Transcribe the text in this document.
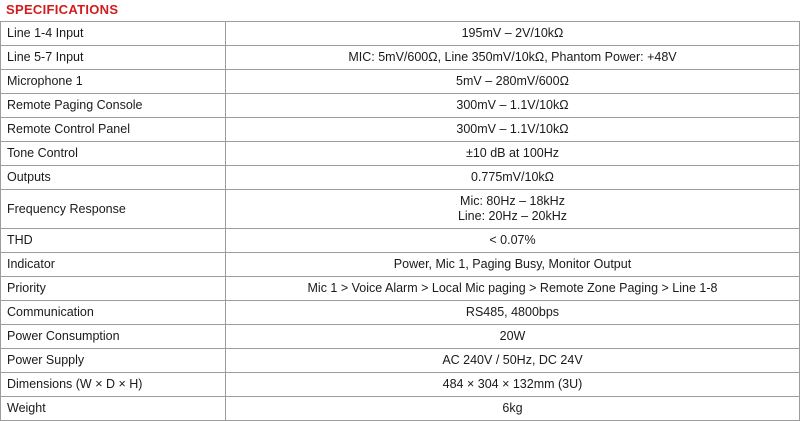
SPECIFICATIONS
Line 1-4 Input	195mV – 2V/10kΩ
Line 5-7 Input	MIC: 5mV/600Ω, Line 350mV/10kΩ, Phantom Power: +48V
Microphone 1	5mV – 280mV/600Ω
Remote Paging Console	300mV – 1.1V/10kΩ
Remote Control Panel	300mV – 1.1V/10kΩ
Tone Control	±10 dB at 100Hz
Outputs	0.775mV/10kΩ
Frequency Response	Mic: 80Hz – 18kHz
Line: 20Hz – 20kHz

THD	< 0.07%
Indicator	Power, Mic 1, Paging Busy, Monitor Output
Priority	Mic 1 > Voice Alarm > Local Mic paging > Remote Zone Paging > Line 1-8
Communication	RS485, 4800bps
Power Consumption	20W
Power Supply	AC 240V / 50Hz, DC 24V
Dimensions (W × D × H)	484 × 304 × 132mm (3U)
Weight	6kg
